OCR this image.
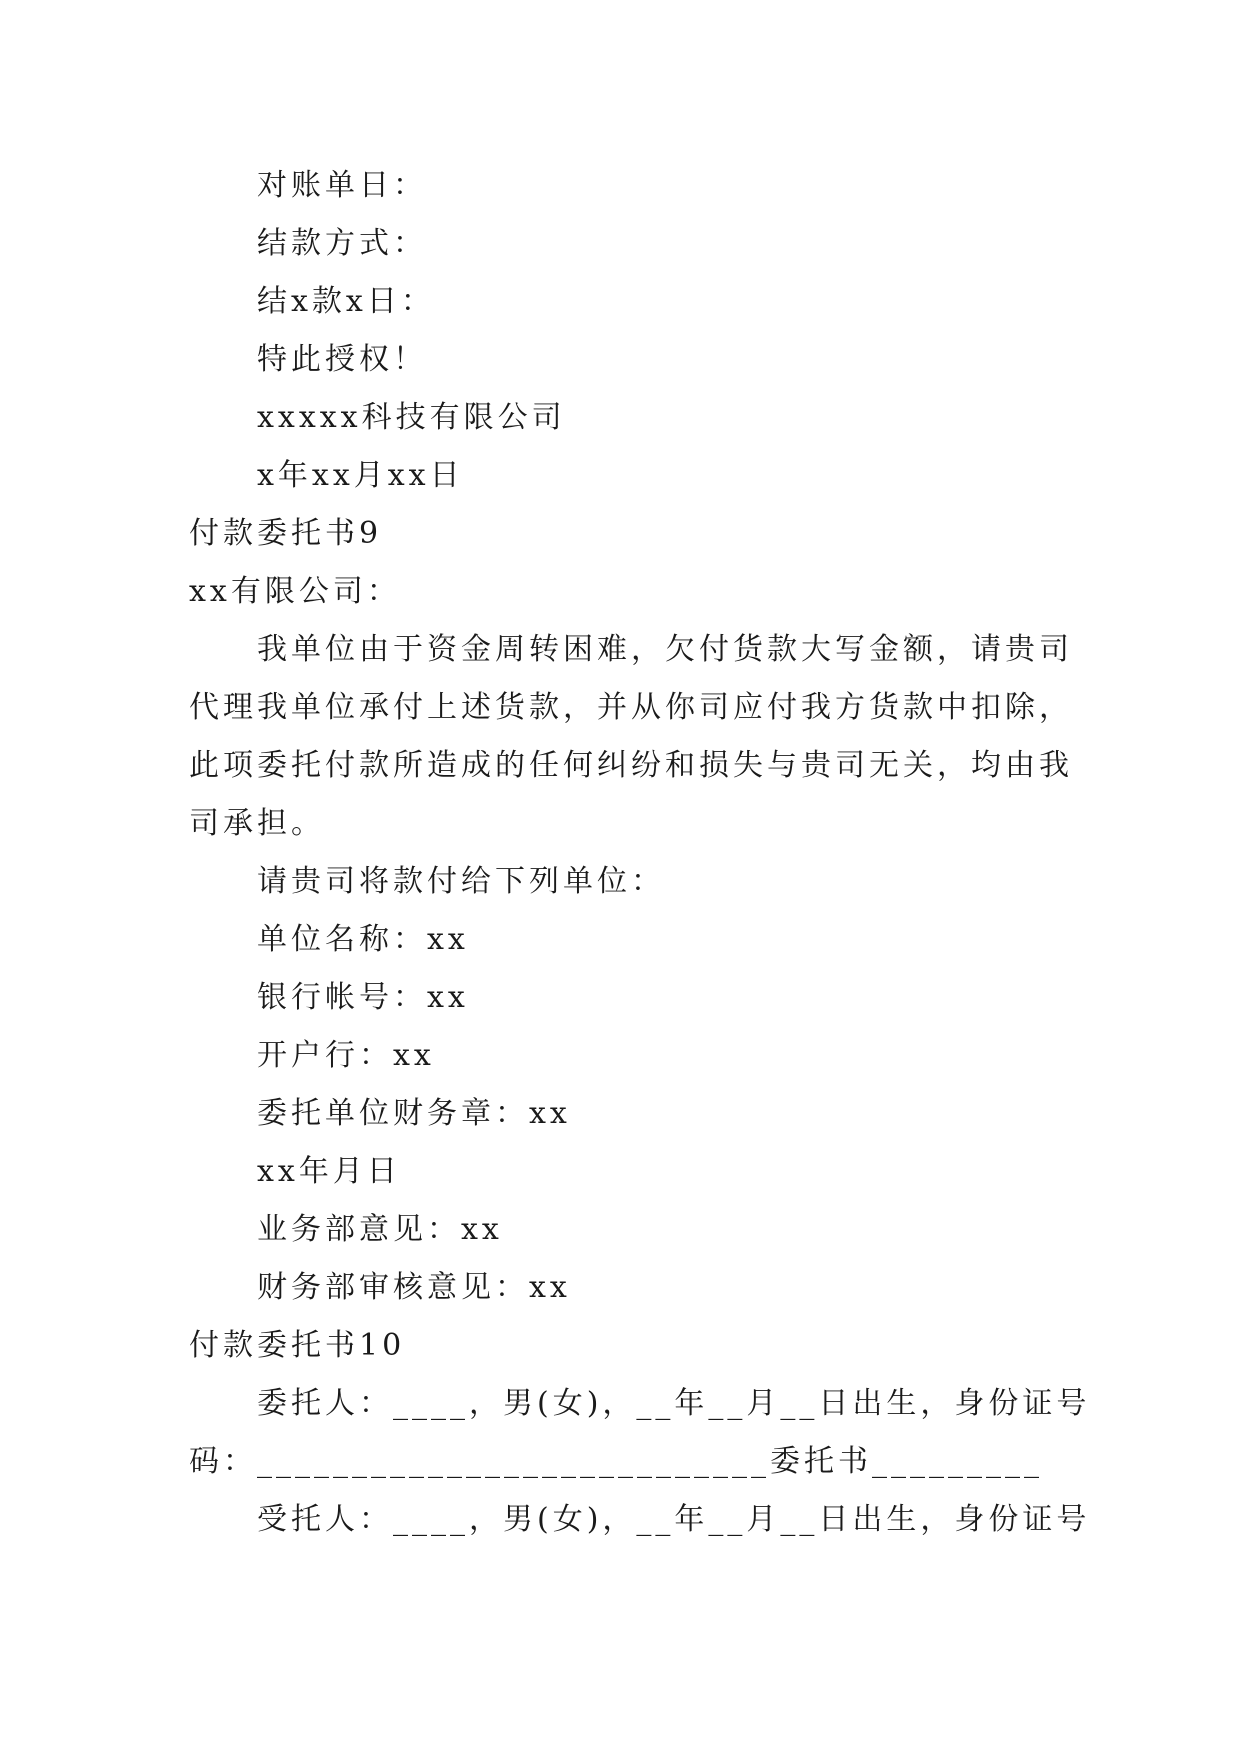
对账单日：
结款方式：
结x款x日：
特此授权！
xxxxx科技有限公司
x年xx月xx日
付款委托书9
xx有限公司：
我单位由于资金周转困难，欠付货款大写金额，请贵司
代理我单位承付上述货款，并从你司应付我方货款中扣除，
此项委托付款所造成的任何纠纷和损失与贵司无关，均由我
司承担。
请贵司将款付给下列单位：
单位名称：xx
银行帐号：xx
开户行：xx
委托单位财务章：xx
xx年月日
业务部意见：xx
财务部审核意见：xx
付款委托书10
委托人：____，男(女)，__年__月__日出生，身份证号
码：___________________________委托书_________
受托人：____，男(女)，__年__月__日出生，身份证号
